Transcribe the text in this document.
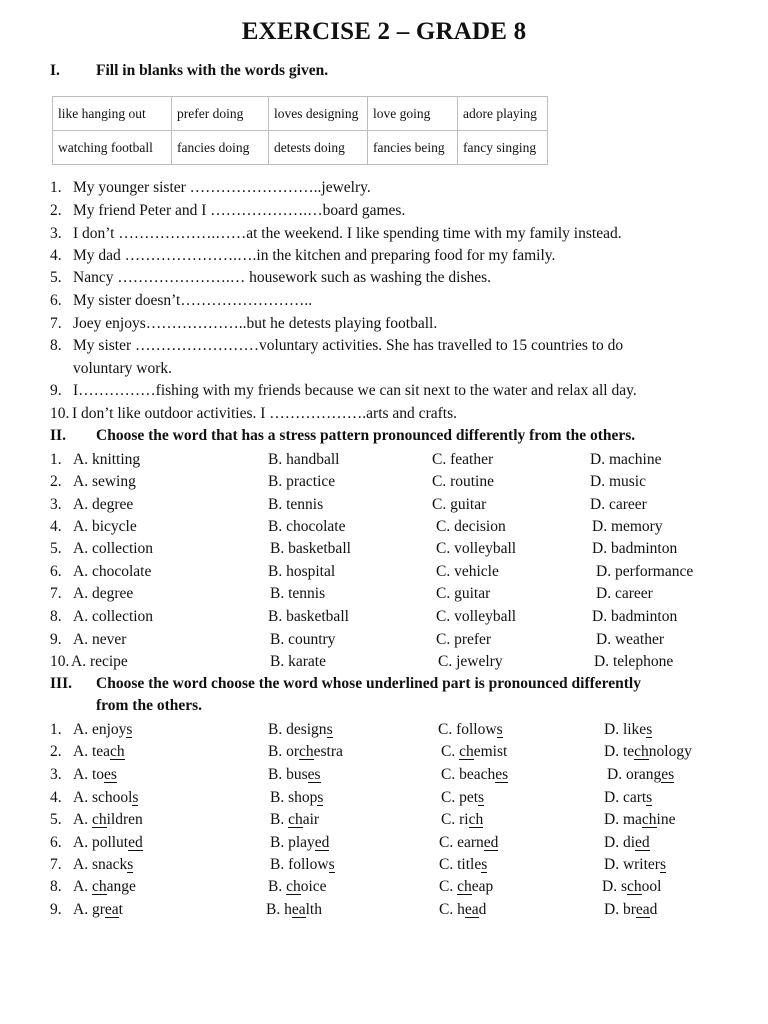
EXERCISE 2 – GRADE 8
I. Fill in blanks with the words given.
like hanging out	prefer doing	loves designing	love going	adore playing
watching football	fancies doing	detests doing	fancies being	fancy singing
1. My younger sister ……………………..jewelry.
2. My friend Peter and I ……………….…board games.
3. I don’t ……………….……at the weekend. I like spending time with my family instead.
4. My dad ………………….….in the kitchen and preparing food for my family.
5. Nancy ………………….… housework such as washing the dishes.
6. My sister doesn’t……………………..
7. Joey enjoys………………..but he detests playing football.
8. My sister ……………………voluntary activities. She has travelled to 15 countries to do
voluntary work.
9. I……………fishing with my friends because we can sit next to the water and relax all day.
10. I don’t like outdoor activities. I ……………….arts and crafts.
II. Choose the word that has a stress pattern pronounced differently from the others.
1. A. knitting	B. handball	C. feather	D. machine
2. A. sewing	B. practice	C. routine	D. music
3. A. degree	B. tennis	C. guitar	D. career
4. A. bicycle	B. chocolate	C. decision	D. memory
5. A. collection	B. basketball	C. volleyball	D. badminton
6. A. chocolate	B. hospital	C. vehicle	D. performance
7. A. degree	B. tennis	C. guitar	D. career
8. A. collection	B. basketball	C. volleyball	D. badminton
9. A. never	B. country	C. prefer	D. weather
10. A. recipe	B. karate	C. jewelry	D. telephone
III. Choose the word choose the word whose underlined part is pronounced differently
from the others.
1. A. enjoys	B. designs	C. follows	D. likes
2. A. teach	B. orchestra	C. chemist	D. technology
3. A. toes	B. buses	C. beaches	D. oranges
4. A. schools	B. shops	C. pets	D. carts
5. A. children	B. chair	C. rich	D. machine
6. A. polluted	B. played	C. earned	D. died
7. A. snacks	B. follows	C. titles	D. writers
8. A. change	B. choice	C. cheap	D. school
9. A. great	B. health	C. head	D. bread
